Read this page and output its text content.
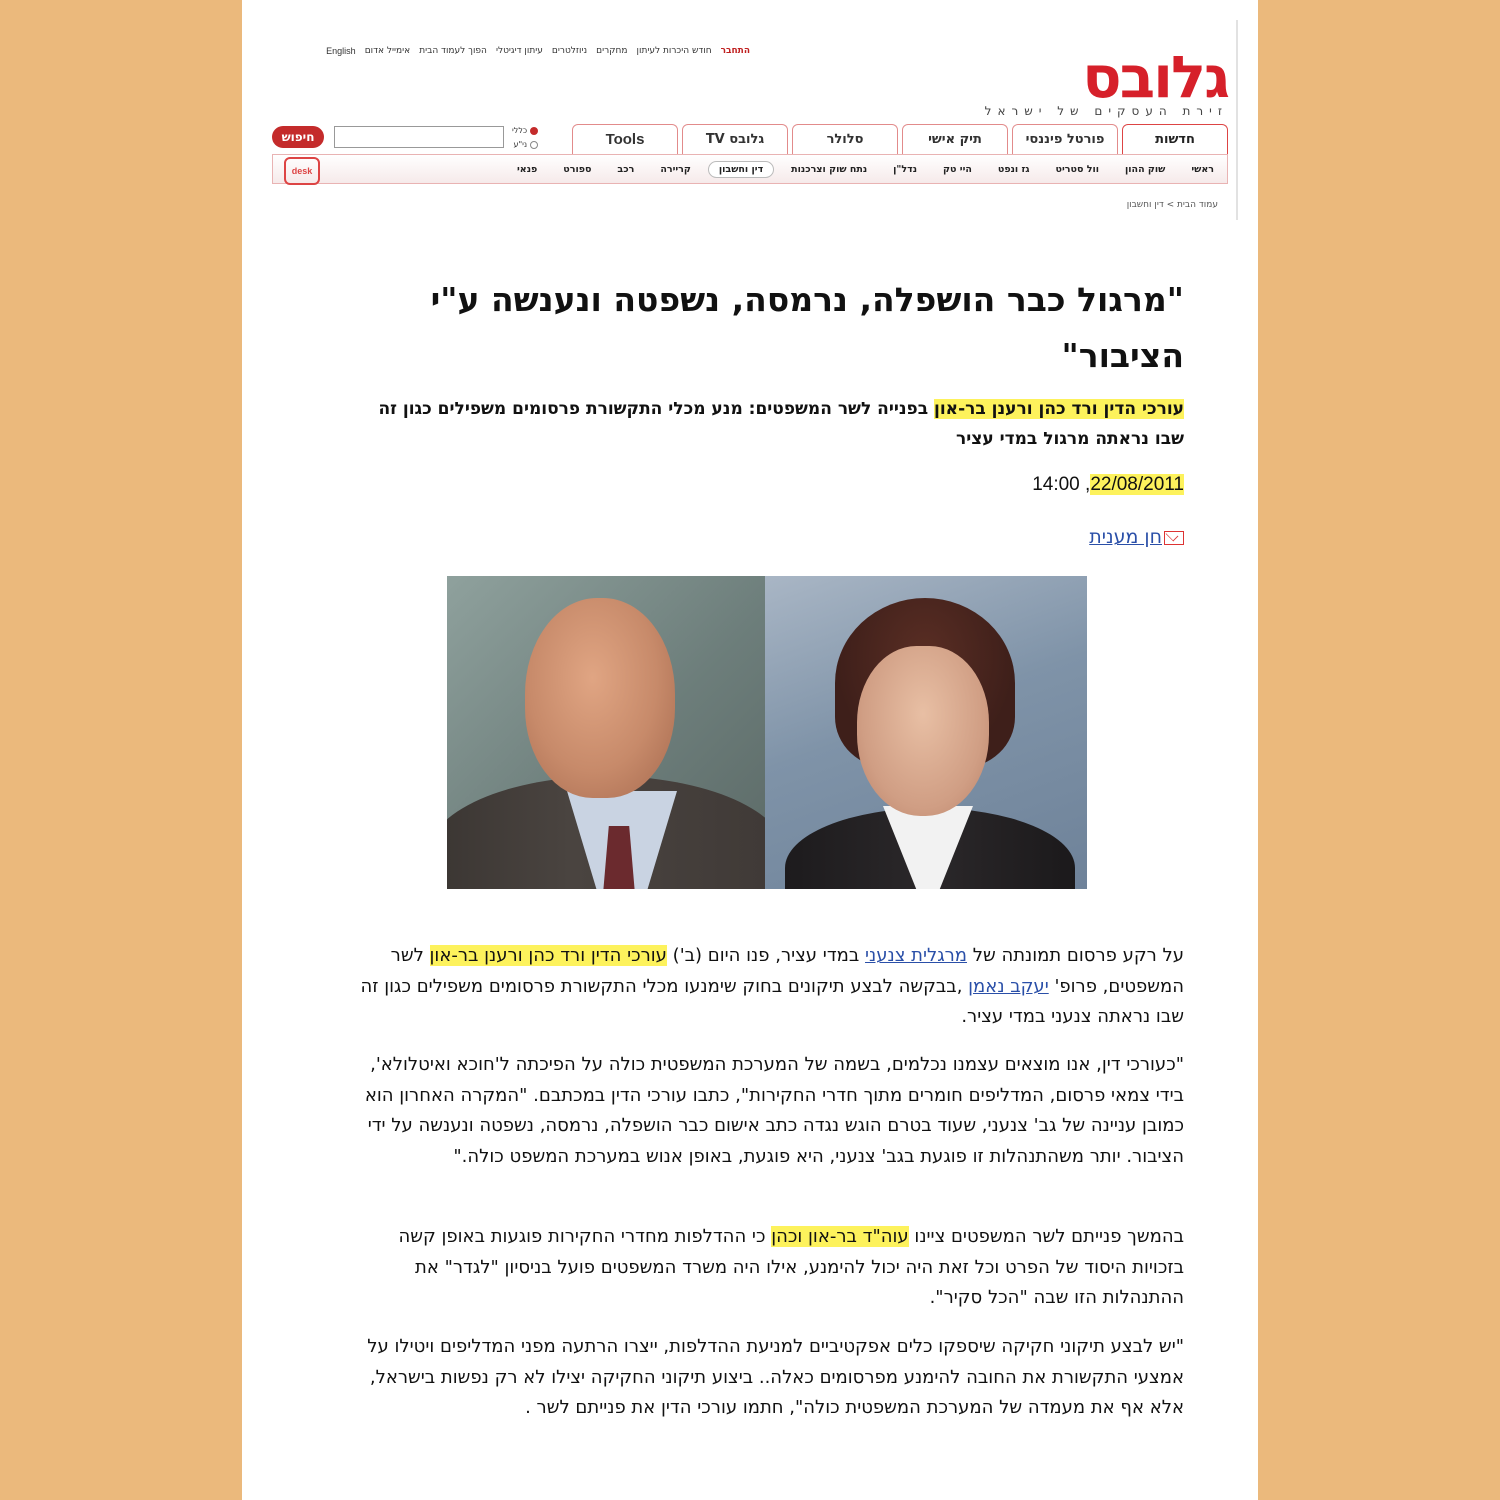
גלובס
זירת העסקים של ישראל
התחבר
חודש היכרות לעיתון
מחקרים
ניוזלטרים
עיתון דיגיטלי
הפוך לעמוד הבית
אימייל אדום
English
חדשות
פורטל פיננסי
תיק אישי
סלולר
גלובס TV
Tools
חיפוש	כללי
ני"ע
ראשי
שוק ההון
וול סטריט
גז ונפט
היי טק
נדל"ן
נתח שוק וצרכנות
דין וחשבון
קריירה
רכב
ספורט
פנאי
desk
עמוד הבית > דין וחשבון
"מרגול כבר הושפלה, נרמסה, נשפטה ונענשה ע"י הציבור"
עורכי הדין ורד כהן ורענן בר-און בפנייה לשר המשפטים: מנע מכלי התקשורת פרסומים משפילים כגון זה שבו נראתה מרגול במדי עציר
22/08/2011, 14:00
חן מענית
על רקע פרסום תמונתה של מרגלית צנעני במדי עציר, פנו היום (ב') עורכי הדין ורד כהן ורענן בר-און לשר המשפטים, פרופ' יעקב נאמן ,בבקשה לבצע תיקונים בחוק שימנעו מכלי התקשורת פרסומים משפילים כגון זה שבו נראתה צנעני במדי עציר.
"כעורכי דין, אנו מוצאים עצמנו נכלמים, בשמה של המערכת המשפטית כולה על הפיכתה ל'חוכא ואיטלולא', בידי צמאי פרסום, המדליפים חומרים מתוך חדרי החקירות", כתבו עורכי הדין במכתבם. "המקרה האחרון הוא כמובן עניינה של גב' צנעני, שעוד בטרם הוגש נגדה כתב אישום כבר הושפלה, נרמסה, נשפטה ונענשה על ידי הציבור. יותר משהתנהלות זו פוגעת בגב' צנעני, היא פוגעת, באופן אנוש במערכת המשפט כולה."
בהמשך פנייתם לשר המשפטים ציינו עוה"ד בר-און וכהן כי ההדלפות מחדרי החקירות פוגעות באופן קשה בזכויות היסוד של הפרט וכל זאת היה יכול להימנע, אילו היה משרד המשפטים פועל בניסיון "לגדר" את ההתנהלות הזו שבה "הכל סקיר".
"יש לבצע תיקוני חקיקה שיספקו כלים אפקטיביים למניעת ההדלפות, ייצרו הרתעה מפני המדליפים ויטילו על אמצעי התקשורת את החובה להימנע מפרסומים כאלה.. ביצוע תיקוני החקיקה יצילו לא רק נפשות בישראל, אלא אף את מעמדה של המערכת המשפטית כולה", חתמו עורכי הדין את פנייתם לשר .
